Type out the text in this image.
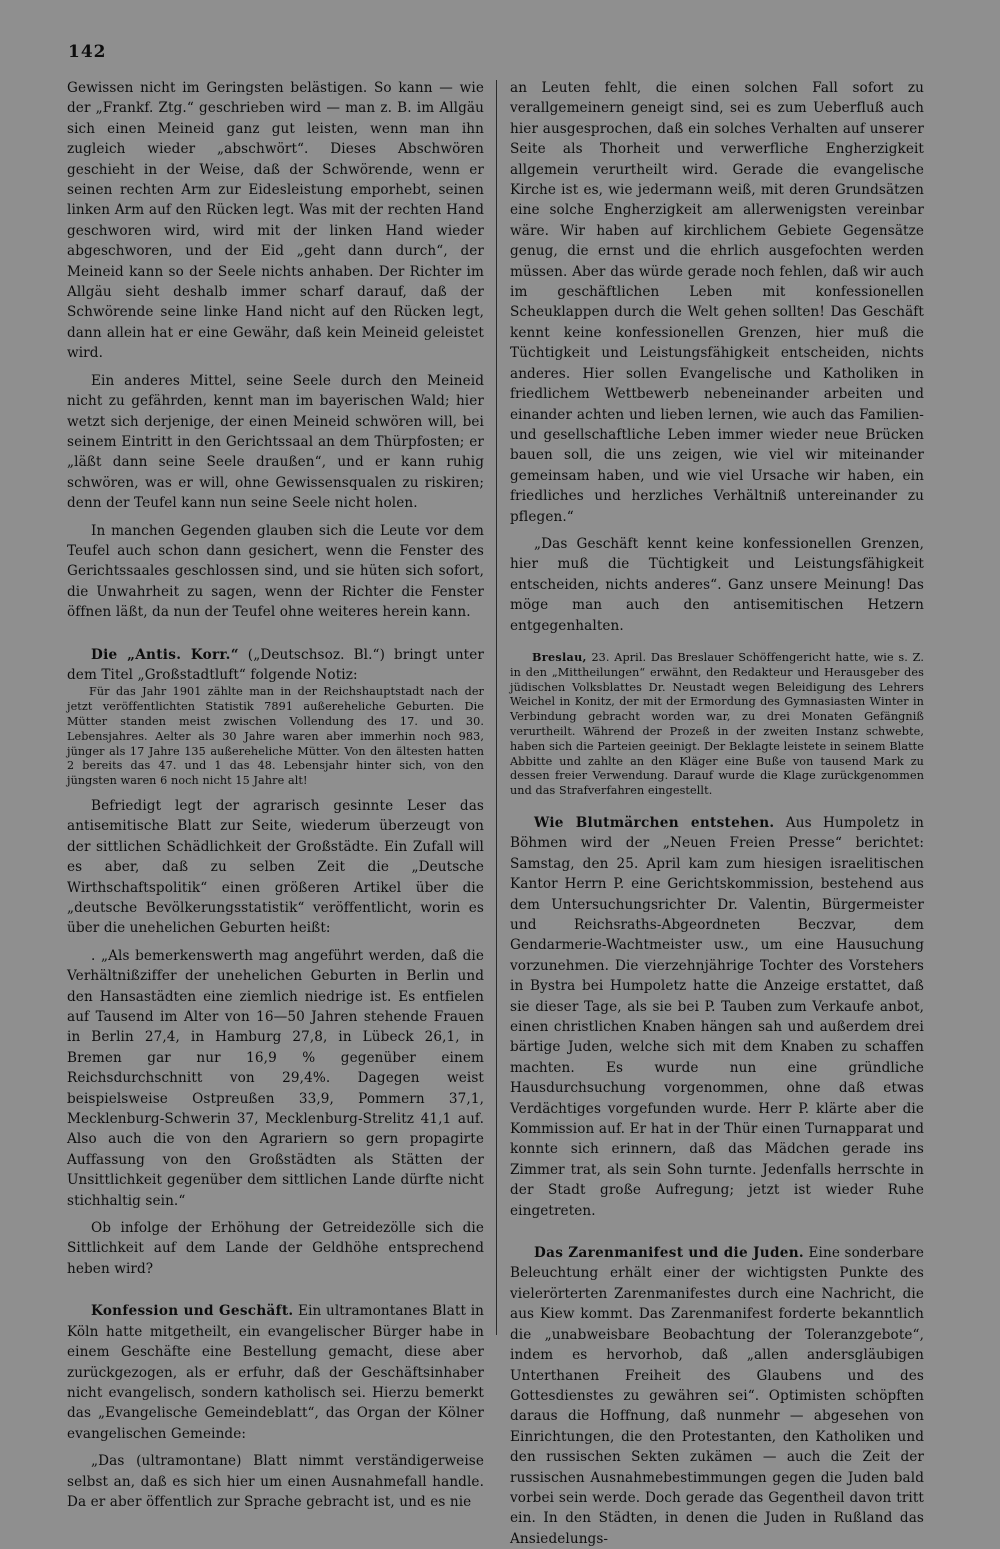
142

Gewissen nicht im Geringsten belästigen. So kann — wie der „Frankf. Ztg.“ geschrieben wird — man z. B. im Allgäu sich einen Meineid ganz gut leisten, wenn man ihn zugleich wieder „abschwört“. Dieses Abschwören geschieht in der Weise, daß der Schwörende, wenn er seinen rechten Arm zur Eidesleistung emporhebt, seinen linken Arm auf den Rücken legt. Was mit der rechten Hand geschworen wird, wird mit der linken Hand wieder abgeschworen, und der Eid „geht dann durch“, der Meineid kann so der Seele nichts anhaben. Der Richter im Allgäu sieht deshalb immer scharf darauf, daß der Schwörende seine linke Hand nicht auf den Rücken legt, dann allein hat er eine Gewähr, daß kein Meineid geleistet wird.

Ein anderes Mittel, seine Seele durch den Meineid nicht zu gefährden, kennt man im bayerischen Wald; hier wetzt sich derjenige, der einen Meineid schwören will, bei seinem Eintritt in den Gerichtssaal an dem Thürpfosten; er „läßt dann seine Seele draußen“, und er kann ruhig schwören, was er will, ohne Gewissensqualen zu riskiren; denn der Teufel kann nun seine Seele nicht holen.

In manchen Gegenden glauben sich die Leute vor dem Teufel auch schon dann gesichert, wenn die Fenster des Gerichtssaales geschlossen sind, und sie hüten sich sofort, die Unwahrheit zu sagen, wenn der Richter die Fenster öffnen läßt, da nun der Teufel ohne weiteres herein kann.

Die „Antis. Korr.“ („Deutschsoz. Bl.“) bringt unter dem Titel „Großstadtluft“ folgende Notiz:

Für das Jahr 1901 zählte man in der Reichshauptstadt nach der jetzt veröffentlichten Statistik 7891 außereheliche Geburten. Die Mütter standen meist zwischen Vollendung des 17. und 30. Lebensjahres. Aelter als 30 Jahre waren aber immerhin noch 983, jünger als 17 Jahre 135 außereheliche Mütter. Von den ältesten hatten 2 bereits das 47. und 1 das 48. Lebensjahr hinter sich, von den jüngsten waren 6 noch nicht 15 Jahre alt!

Befriedigt legt der agrarisch gesinnte Leser das antisemitische Blatt zur Seite, wiederum überzeugt von der sittlichen Schädlichkeit der Großstädte. Ein Zufall will es aber, daß zu selben Zeit die „Deutsche Wirthschaftspolitik“ einen größeren Artikel über die „deutsche Bevölkerungsstatistik“ veröffentlicht, worin es über die unehelichen Geburten heißt:

. „Als bemerkenswerth mag angeführt werden, daß die Verhältnißziffer der unehelichen Geburten in Berlin und den Hansastädten eine ziemlich niedrige ist. Es entfielen auf Tausend im Alter von 16—50 Jahren stehende Frauen in Berlin 27,4, in Hamburg 27,8, in Lübeck 26,1, in Bremen gar nur 16,9 % gegenüber einem Reichsdurchschnitt von 29,4%. Dagegen weist beispielsweise Ostpreußen 33,9, Pommern 37,1, Mecklenburg-Schwerin 37, Mecklenburg-Strelitz 41,1 auf. Also auch die von den Agrariern so gern propagirte Auffassung von den Großstädten als Stätten der Unsittlichkeit gegenüber dem sittlichen Lande dürfte nicht stichhaltig sein.“

Ob infolge der Erhöhung der Getreidezölle sich die Sittlichkeit auf dem Lande der Geldhöhe entsprechend heben wird?

Konfession und Geschäft. Ein ultramontanes Blatt in Köln hatte mitgetheilt, ein evangelischer Bürger habe in einem Geschäfte eine Bestellung gemacht, diese aber zurückgezogen, als er erfuhr, daß der Geschäftsinhaber nicht evangelisch, sondern katholisch sei. Hierzu bemerkt das „Evangelische Gemeindeblatt“, das Organ der Kölner evangelischen Gemeinde:

„Das (ultramontane) Blatt nimmt verständigerweise selbst an, daß es sich hier um einen Ausnahmefall handle. Da er aber öffentlich zur Sprache gebracht ist, und es nie

an Leuten fehlt, die einen solchen Fall sofort zu verallgemeinern geneigt sind, sei es zum Ueberfluß auch hier ausgesprochen, daß ein solches Verhalten auf unserer Seite als Thorheit und verwerfliche Engherzigkeit allgemein verurtheilt wird. Gerade die evangelische Kirche ist es, wie jedermann weiß, mit deren Grundsätzen eine solche Engherzigkeit am allerwenigsten vereinbar wäre. Wir haben auf kirchlichem Gebiete Gegensätze genug, die ernst und die ehrlich ausgefochten werden müssen. Aber das würde gerade noch fehlen, daß wir auch im geschäftlichen Leben mit konfessionellen Scheuklappen durch die Welt gehen sollten! Das Geschäft kennt keine konfessionellen Grenzen, hier muß die Tüchtigkeit und Leistungsfähigkeit entscheiden, nichts anderes. Hier sollen Evangelische und Katholiken in friedlichem Wettbewerb nebeneinander arbeiten und einander achten und lieben lernen, wie auch das Familien- und gesellschaftliche Leben immer wieder neue Brücken bauen soll, die uns zeigen, wie viel wir miteinander gemeinsam haben, und wie viel Ursache wir haben, ein friedliches und herzliches Verhältniß untereinander zu pflegen.“

„Das Geschäft kennt keine konfessionellen Grenzen, hier muß die Tüchtigkeit und Leistungsfähigkeit entscheiden, nichts anderes“. Ganz unsere Meinung! Das möge man auch den antisemitischen Hetzern entgegenhalten.

Breslau, 23. April. Das Breslauer Schöffengericht hatte, wie s. Z. in den „Mittheilungen“ erwähnt, den Redakteur und Herausgeber des jüdischen Volksblattes Dr. Neustadt wegen Beleidigung des Lehrers Weichel in Konitz, der mit der Ermordung des Gymnasiasten Winter in Verbindung gebracht worden war, zu drei Monaten Gefängniß verurtheilt. Während der Prozeß in der zweiten Instanz schwebte, haben sich die Parteien geeinigt. Der Beklagte leistete in seinem Blatte Abbitte und zahlte an den Kläger eine Buße von tausend Mark zu dessen freier Verwendung. Darauf wurde die Klage zurückgenommen und das Strafverfahren eingestellt.

Wie Blutmärchen entstehen. Aus Humpoletz in Böhmen wird der „Neuen Freien Presse“ berichtet: Samstag, den 25. April kam zum hiesigen israelitischen Kantor Herrn P. eine Gerichtskommission, bestehend aus dem Untersuchungsrichter Dr. Valentin, Bürgermeister und Reichsraths-Abgeordneten Beczvar, dem Gendarmerie-Wachtmeister usw., um eine Hausuchung vorzunehmen. Die vierzehnjährige Tochter des Vorstehers in Bystra bei Humpoletz hatte die Anzeige erstattet, daß sie dieser Tage, als sie bei P. Tauben zum Verkaufe anbot, einen christlichen Knaben hängen sah und außerdem drei bärtige Juden, welche sich mit dem Knaben zu schaffen machten. Es wurde nun eine gründliche Hausdurchsuchung vorgenommen, ohne daß etwas Verdächtiges vorgefunden wurde. Herr P. klärte aber die Kommission auf. Er hat in der Thür einen Turnapparat und konnte sich erinnern, daß das Mädchen gerade ins Zimmer trat, als sein Sohn turnte. Jedenfalls herrschte in der Stadt große Aufregung; jetzt ist wieder Ruhe eingetreten.

Das Zarenmanifest und die Juden. Eine sonderbare Beleuchtung erhält einer der wichtigsten Punkte des vielerörterten Zarenmanifestes durch eine Nachricht, die aus Kiew kommt. Das Zarenmanifest forderte bekanntlich die „unabweisbare Beobachtung der Toleranzgebote“, indem es hervorhob, daß „allen andersgläubigen Unterthanen Freiheit des Glaubens und des Gottesdienstes zu gewähren sei“. Optimisten schöpften daraus die Hoffnung, daß nunmehr — abgesehen von Einrichtungen, die den Protestanten, den Katholiken und den russischen Sekten zukämen — auch die Zeit der russischen Ausnahmebestimmungen gegen die Juden bald vorbei sein werde. Doch gerade das Gegentheil davon tritt ein. In den Städten, in denen die Juden in Rußland das Ansiedelungs-
